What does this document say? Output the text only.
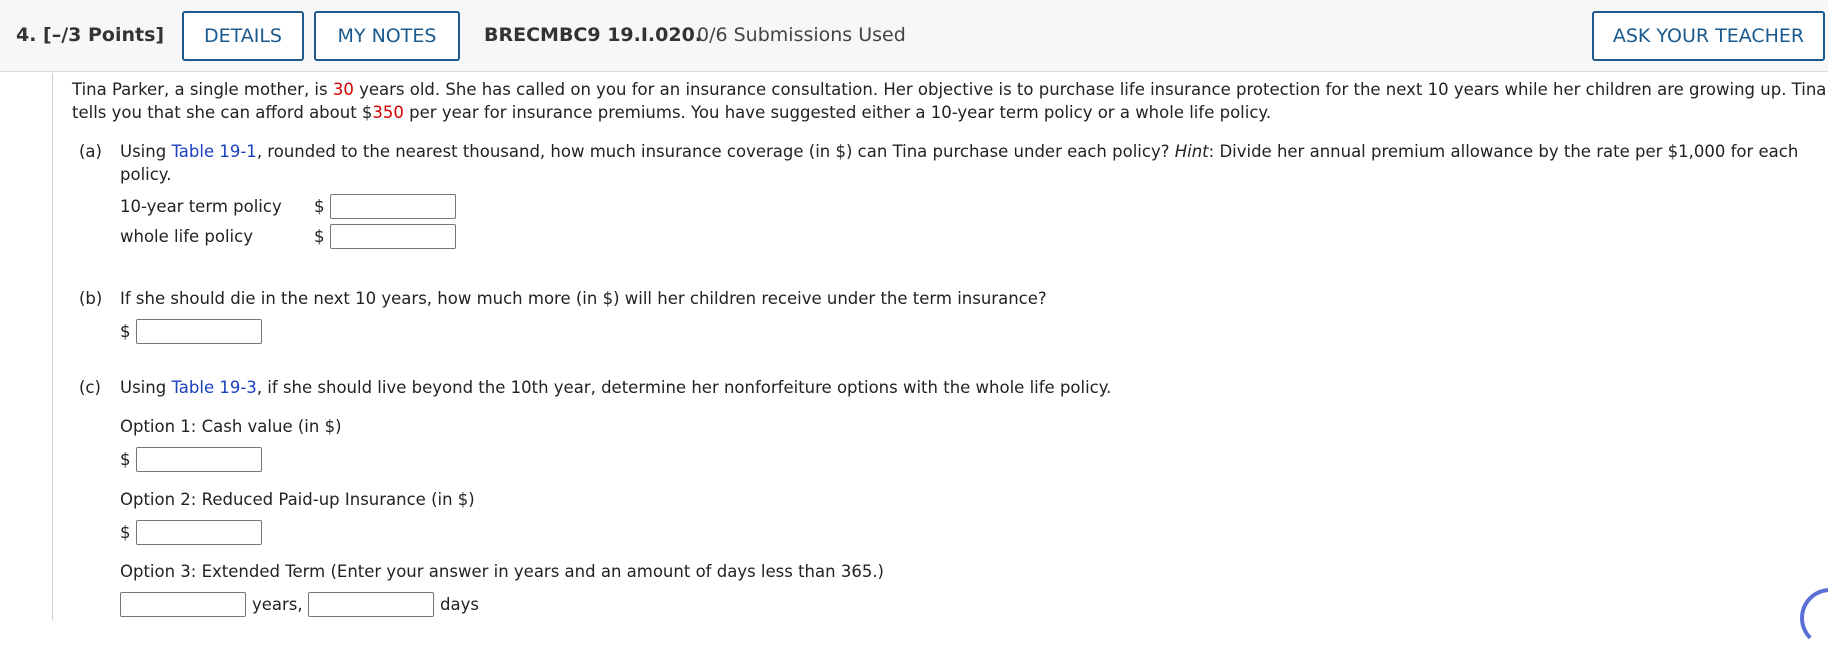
4. [–/3 Points]	DETAILS	MY NOTES	BRECMBC9 19.I.020.
0/6 Submissions Used	ASK YOUR TEACHER
Tina Parker, a single mother, is 30 years old. She has called on you for an insurance consultation. Her objective is to purchase life insurance protection for the next 10 years while her children are growing up. Tina
tells you that she can afford about $350 per year for insurance premiums. You have suggested either a 10-year term policy or a whole life policy.
(a) Using Table 19-1, rounded to the nearest thousand, how much insurance coverage (in $) can Tina purchase under each policy? Hint: Divide her annual premium allowance by the rate per $1,000 for each
policy.
10-year term policy $
whole life policy	$
(b) If she should die in the next 10 years, how much more (in $) will her children receive under the term insurance?
$
(c) Using Table 19-3, if she should live beyond the 10th year, determine her nonforfeiture options with the whole life policy.
Option 1: Cash value (in $)
$
Option 2: Reduced Paid-up Insurance (in $)
$
Option 3: Extended Term (Enter your answer in years and an amount of days less than 365.)
years,	days
